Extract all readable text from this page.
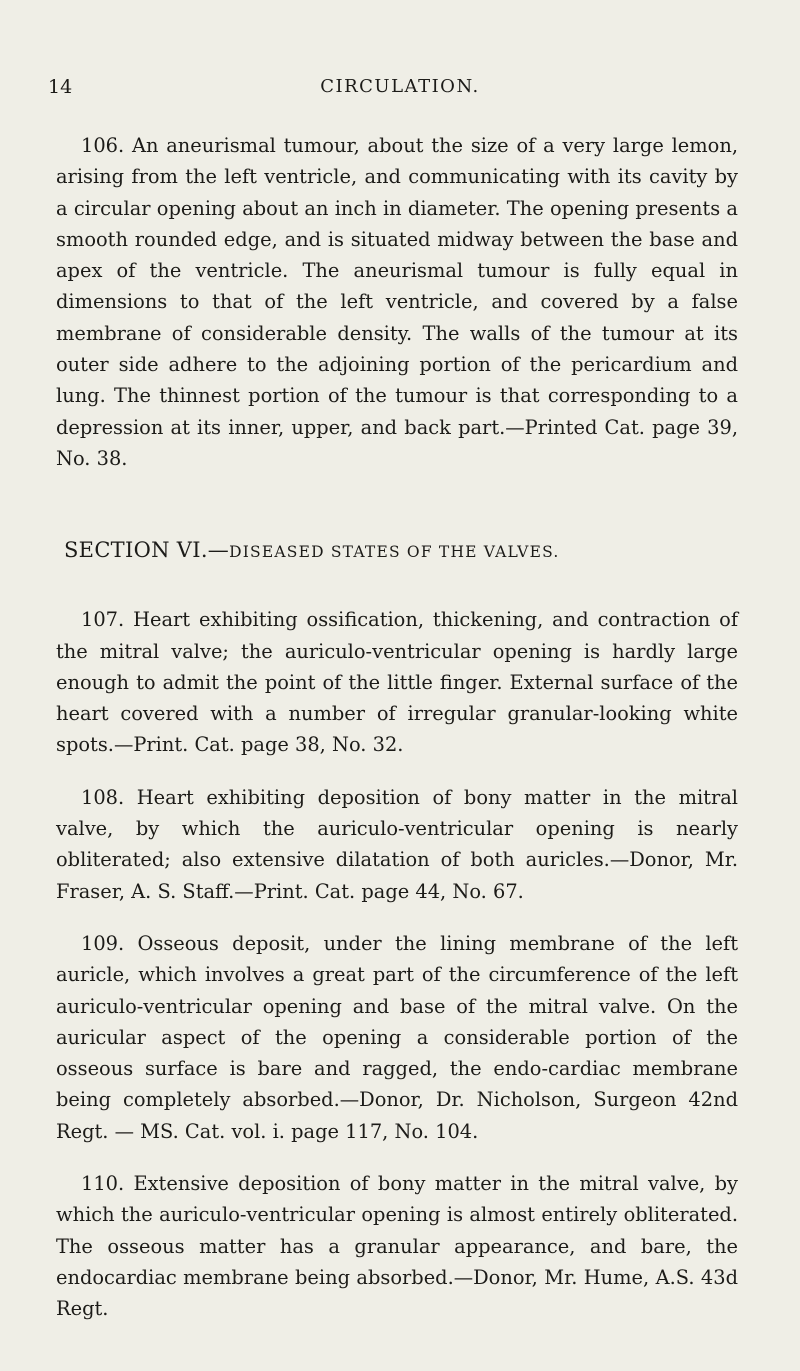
14	CIRCULATION.

106. An aneurismal tumour, about the size of a very large lemon, arising from the left ventricle, and communicating with its cavity by a circular opening about an inch in diameter. The opening presents a smooth rounded edge, and is situated midway between the base and apex of the ventricle. The aneurismal tumour is fully equal in dimensions to that of the left ventricle, and covered by a false membrane of considerable density. The walls of the tumour at its outer side adhere to the adjoining portion of the pericardium and lung. The thinnest portion of the tumour is that corresponding to a depression at its inner, upper, and back part.—Printed Cat. page 39, No. 38.

SECTION VI.—DISEASED STATES OF THE VALVES.

107. Heart exhibiting ossification, thickening, and contraction of the mitral valve; the auriculo-ventricular opening is hardly large enough to admit the point of the little finger. External surface of the heart covered with a number of irregular granular-looking white spots.—Print. Cat. page 38, No. 32.

108. Heart exhibiting deposition of bony matter in the mitral valve, by which the auriculo-ventricular opening is nearly obliterated; also extensive dilatation of both auricles.—Donor, Mr. Fraser, A. S. Staff.—Print. Cat. page 44, No. 67.

109. Osseous deposit, under the lining membrane of the left auricle, which involves a great part of the circumference of the left auriculo-ventricular opening and base of the mitral valve. On the auricular aspect of the opening a considerable portion of the osseous surface is bare and ragged, the endo-cardiac membrane being completely absorbed.—Donor, Dr. Nicholson, Surgeon 42nd Regt. — MS. Cat. vol. i. page 117, No. 104.

110. Extensive deposition of bony matter in the mitral valve, by which the auriculo-ventricular opening is almost entirely obliterated. The osseous matter has a granular appearance, and bare, the endocardiac membrane being absorbed.—Donor, Mr. Hume, A.S. 43d Regt.
